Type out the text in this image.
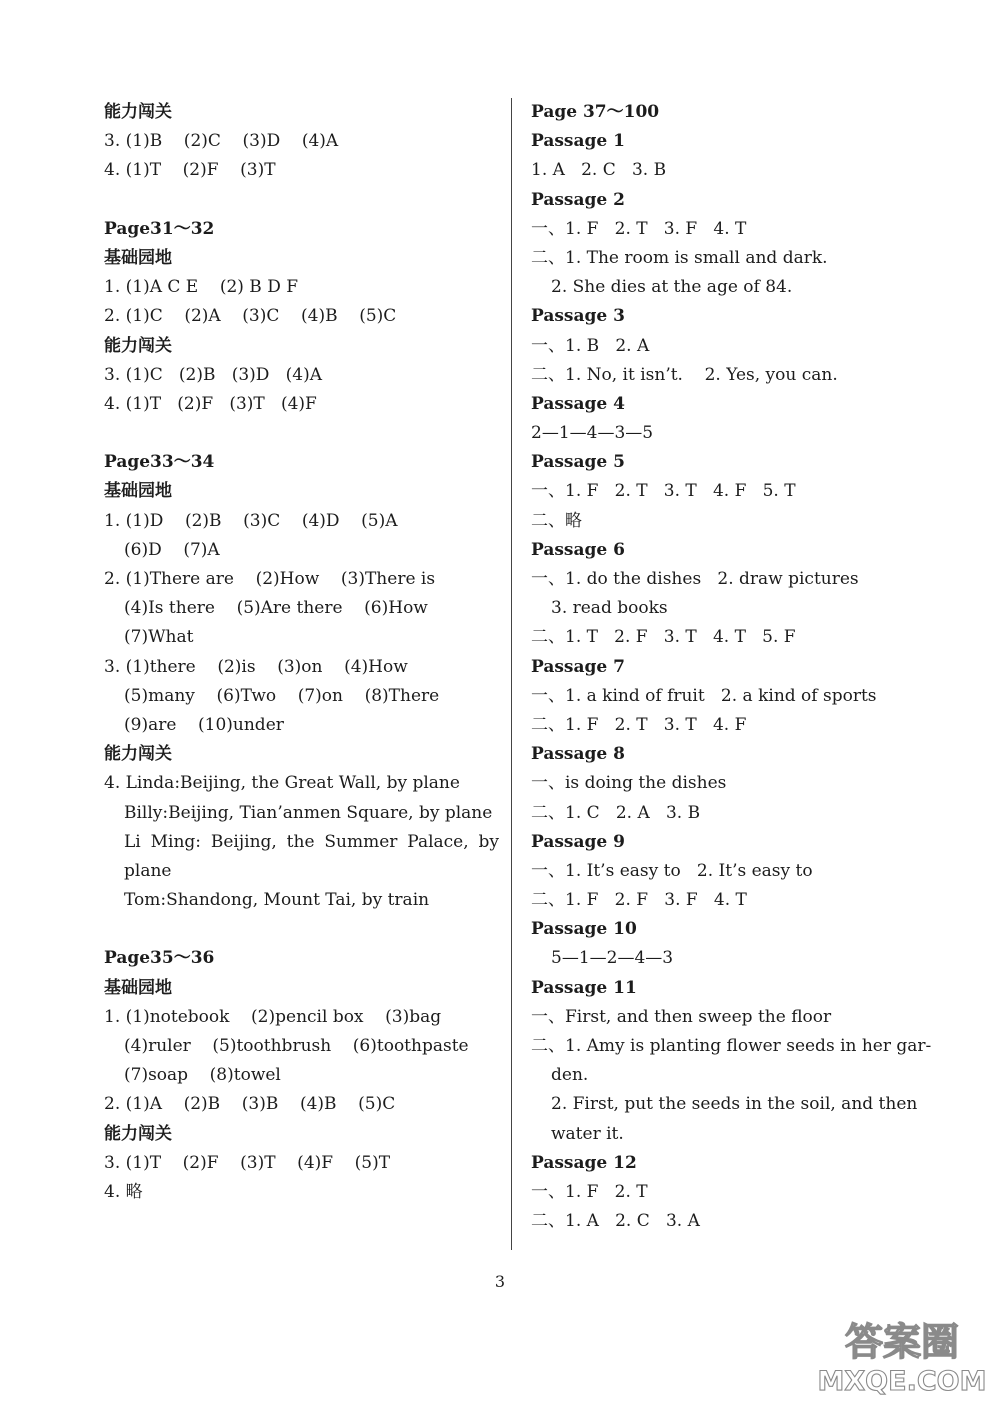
能力闯关
3. (1)B    (2)C    (3)D    (4)A
4. (1)T    (2)F    (3)T
Page31～32
基础园地
1. (1)A C E    (2) B D F
2. (1)C    (2)A    (3)C    (4)B    (5)C
能力闯关
3. (1)C   (2)B   (3)D   (4)A
4. (1)T   (2)F   (3)T   (4)F
Page33～34
基础园地
1. (1)D    (2)B    (3)C    (4)D    (5)A
(6)D    (7)A
2. (1)There are    (2)How    (3)There is
(4)Is there    (5)Are there    (6)How
(7)What
3. (1)there    (2)is    (3)on    (4)How
(5)many    (6)Two    (7)on    (8)There
(9)are    (10)under
能力闯关
4. Linda:Beijing, the Great Wall, by plane
Billy:Beijing, Tian’anmen Square, by plane
Li Ming: Beijing, the Summer Palace, by
plane
Tom:Shandong, Mount Tai, by train
Page35～36
基础园地
1. (1)notebook    (2)pencil box    (3)bag
(4)ruler    (5)toothbrush    (6)toothpaste
(7)soap    (8)towel
2. (1)A    (2)B    (3)B    (4)B    (5)C
能力闯关
3. (1)T    (2)F    (3)T    (4)F    (5)T
4. 略
Page 37～100
Passage 1
1. A   2. C   3. B
Passage 2
一、1. F   2. T   3. F   4. T
二、1. The room is small and dark.
2. She dies at the age of 84.
Passage 3
一、1. B   2. A
二、1. No, it isn’t.    2. Yes, you can.
Passage 4
2—1—4—3—5
Passage 5
一、1. F   2. T   3. T   4. F   5. T
二、略
Passage 6
一、1. do the dishes   2. draw pictures
3. read books
二、1. T   2. F   3. T   4. T   5. F
Passage 7
一、1. a kind of fruit   2. a kind of sports
二、1. F   2. T   3. T   4. F
Passage 8
一、is doing the dishes
二、1. C   2. A   3. B
Passage 9
一、1. It’s easy to   2. It’s easy to
二、1. F   2. F   3. F   4. T
Passage 10
5—1—2—4—3
Passage 11
一、First, and then sweep the floor
二、1. Amy is planting flower seeds in her gar-
den.
2. First, put the seeds in the soil, and then
water it.
Passage 12
一、1. F   2. T
二、1. A   2. C   3. A
3
答案圈
MXQE.COM
